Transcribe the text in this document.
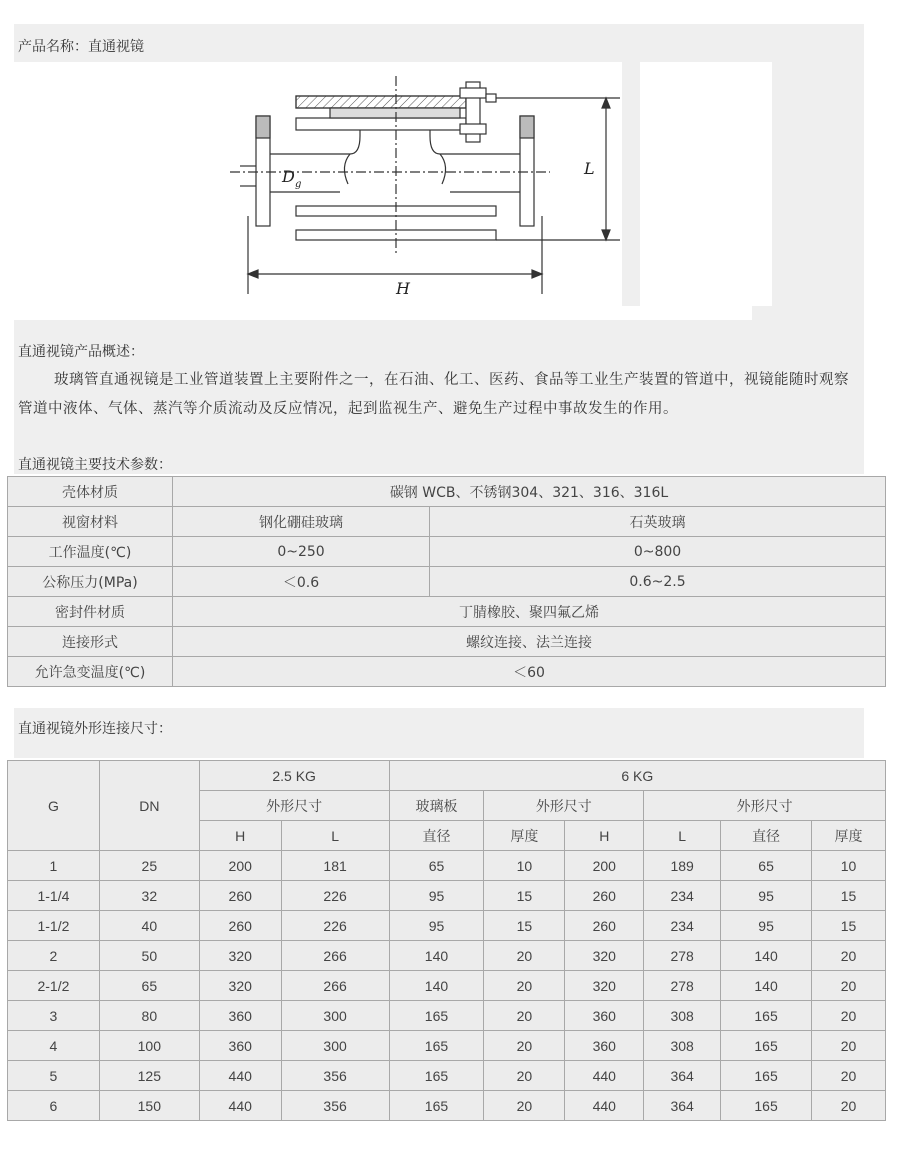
产品名称：直通视镜
D g
L
H
直通视镜产品概述：
玻璃管直通视镜是工业管道装置上主要附件之一，在石油、化工、医药、食品等工业生产装置的管道中，视镜能随时观察管道中液体、气体、蒸汽等介质流动及反应情况，起到监视生产、避免生产过程中事故发生的作用。
直通视镜主要技术参数：
壳体材质	碳钢 WCB、不锈钢304、321、316、316L	
视窗材料	钢化硼硅玻璃	石英玻璃
工作温度(℃)	0~250	0~800
公称压力(MPa)	＜0.6	0.6~2.5
密封件材质	丁腈橡胶、聚四氟乙烯	
连接形式	螺纹连接、法兰连接	
允许急变温度(℃)	＜60	
直通视镜外形连接尺寸：
G	DN	2.5 KG		6 KG					
		外形尺寸		玻璃板	外形尺寸		外形尺寸		
		H	L	直径	厚度	H	L	直径	厚度
1	25	200	181	65	10	200	189	65	10
1-1/4	32	260	226	95	15	260	234	95	15
1-1/2	40	260	226	95	15	260	234	95	15
2	50	320	266	140	20	320	278	140	20
2-1/2	65	320	266	140	20	320	278	140	20
3	80	360	300	165	20	360	308	165	20
4	100	360	300	165	20	360	308	165	20
5	125	440	356	165	20	440	364	165	20
6	150	440	356	165	20	440	364	165	20
